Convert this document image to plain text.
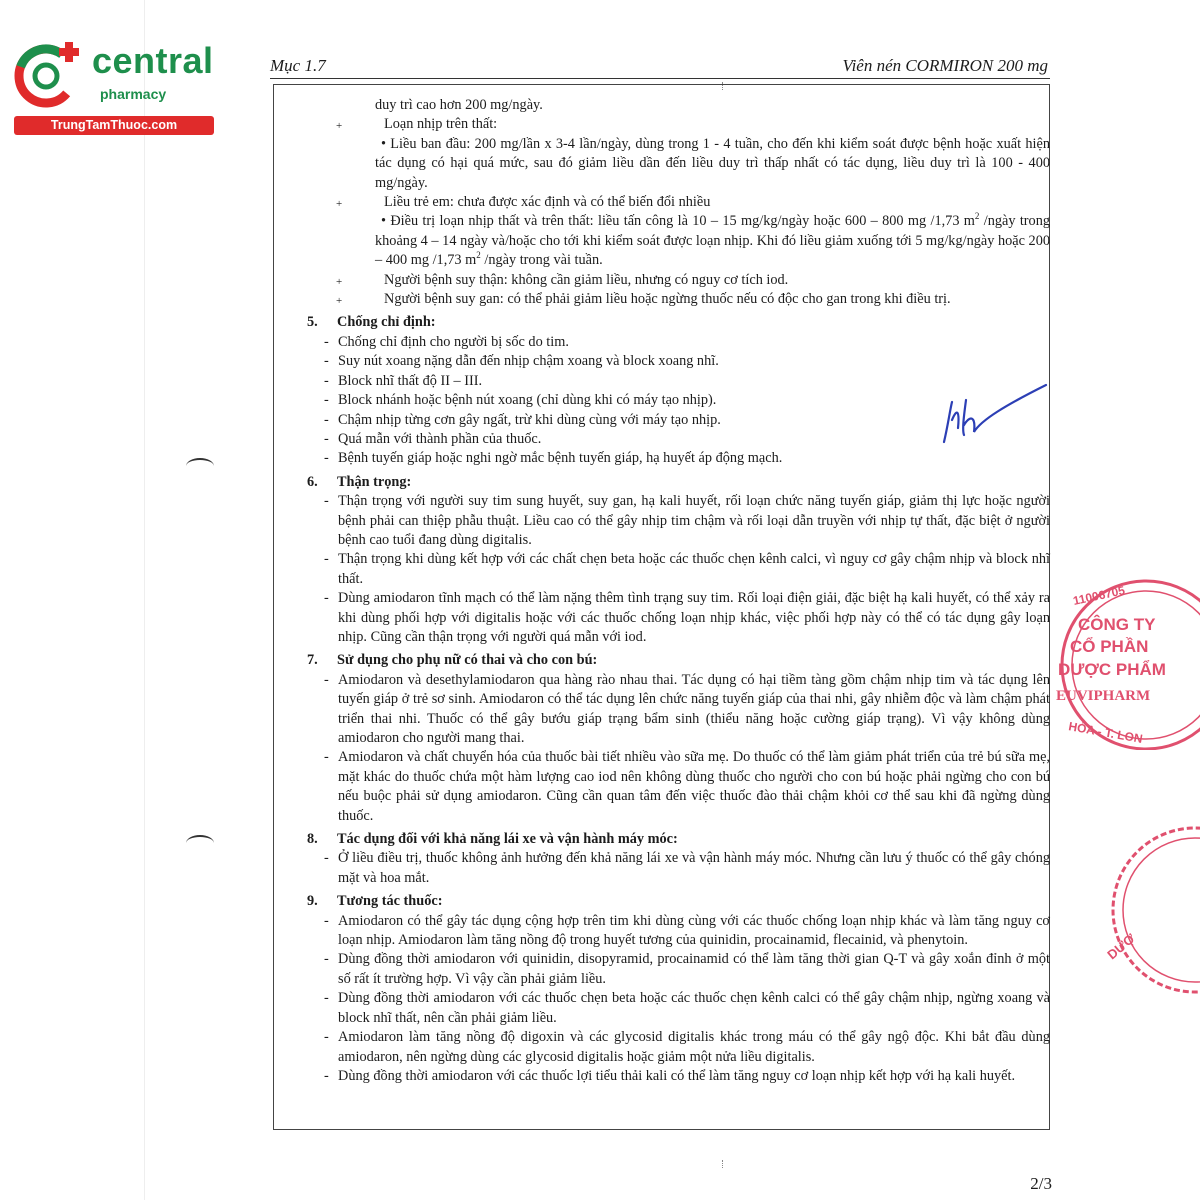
central
pharmacy
TrungTamThuoc.com
Mục 1.7	Viên nén CORMIRON 200 mg

duy trì cao hơn 200 mg/ngày.

+ Loạn nhịp trên thất:

• Liều ban đầu: 200 mg/lần x 3-4 lần/ngày, dùng trong 1 - 4 tuần, cho đến khi kiểm soát được bệnh hoặc xuất hiện tác dụng có hại quá mức, sau đó giảm liều dần đến liều duy trì thấp nhất có tác dụng, liều duy trì là 100 - 400 mg/ngày.

+ Liều trẻ em: chưa được xác định và có thể biến đổi nhiều

• Điều trị loạn nhịp thất và trên thất: liều tấn công là 10 – 15 mg/kg/ngày hoặc 600 – 800 mg /1,73 $m^2$ /ngày trong khoảng 4 – 14 ngày và/hoặc cho tới khi kiểm soát được loạn nhịp. Khi đó liều giảm xuống tới 5 mg/kg/ngày hoặc 200 – 400 mg /1,73 $m^2$ /ngày trong vài tuần.

+ Người bệnh suy thận: không cần giảm liều, nhưng có nguy cơ tích iod.

+ Người bệnh suy gan: có thể phải giảm liều hoặc ngừng thuốc nếu có độc cho gan trong khi điều trị.

5. Chống chỉ định:

- Chống chỉ định cho người bị sốc do tim.

- Suy nút xoang nặng dẫn đến nhịp chậm xoang và block xoang nhĩ.

- Block nhĩ thất độ II – III.

- Block nhánh hoặc bệnh nút xoang (chỉ dùng khi có máy tạo nhịp).

- Chậm nhịp từng cơn gây ngất, trừ khi dùng cùng với máy tạo nhịp.

- Quá mẫn với thành phần của thuốc.

- Bệnh tuyến giáp hoặc nghi ngờ mắc bệnh tuyến giáp, hạ huyết áp động mạch.

6. Thận trọng:

- Thận trọng với người suy tim sung huyết, suy gan, hạ kali huyết, rối loạn chức năng tuyến giáp, giảm thị lực hoặc người bệnh phải can thiệp phẫu thuật. Liều cao có thể gây nhịp tim chậm và rối loại dẫn truyền với nhịp tự thất, đặc biệt ở người bệnh cao tuổi đang dùng digitalis.

- Thận trọng khi dùng kết hợp với các chất chẹn beta hoặc các thuốc chẹn kênh calci, vì nguy cơ gây chậm nhịp và block nhĩ thất.

- Dùng amiodaron tĩnh mạch có thể làm nặng thêm tình trạng suy tim. Rối loại điện giải, đặc biệt hạ kali huyết, có thể xảy ra khi dùng phối hợp với digitalis hoặc với các thuốc chống loạn nhịp khác, việc phối hợp này có thể có tác dụng gây loạn nhịp. Cũng cần thận trọng với người quá mẫn với iod.

7. Sử dụng cho phụ nữ có thai và cho con bú:

- Amiodaron và desethylamiodaron qua hàng rào nhau thai. Tác dụng có hại tiềm tàng gồm chậm nhịp tim và tác dụng lên tuyến giáp ở trẻ sơ sinh. Amiodaron có thể tác dụng lên chức năng tuyến giáp của thai nhi, gây nhiễm độc và làm chậm phát triển thai nhi. Thuốc có thể gây bướu giáp trạng bẩm sinh (thiểu năng hoặc cường giáp trạng). Vì vậy không dùng amiodaron cho người mang thai.

- Amiodaron và chất chuyển hóa của thuốc bài tiết nhiều vào sữa mẹ. Do thuốc có thể làm giảm phát triển của trẻ bú sữa mẹ, mặt khác do thuốc chứa một hàm lượng cao iod nên không dùng thuốc cho người cho con bú hoặc phải ngừng cho con bú nếu buộc phải sử dụng amiodaron. Cũng cần quan tâm đến việc thuốc đào thải chậm khỏi cơ thể sau khi đã ngừng dùng thuốc.

8. Tác dụng đối với khả năng lái xe và vận hành máy móc:

- Ở liều điều trị, thuốc không ảnh hưởng đến khả năng lái xe và vận hành máy móc. Nhưng cần lưu ý thuốc có thể gây chóng mặt và hoa mắt.

9. Tương tác thuốc:

- Amiodaron có thể gây tác dụng cộng hợp trên tim khi dùng cùng với các thuốc chống loạn nhịp khác và làm tăng nguy cơ loạn nhịp. Amiodaron làm tăng nồng độ trong huyết tương của quinidin, procainamid, flecainid, và phenytoin.

- Dùng đồng thời amiodaron với quinidin, disopyramid, procainamid có thể làm tăng thời gian Q-T và gây xoắn đỉnh ở một số rất ít trường hợp. Vì vậy cần phải giảm liều.

- Dùng đồng thời amiodaron với các thuốc chẹn beta hoặc các thuốc chẹn kênh calci có thể gây chậm nhịp, ngừng xoang và block nhĩ thất, nên cần phải giảm liều.

- Amiodaron làm tăng nồng độ digoxin và các glycosid digitalis khác trong máu có thể gây ngộ độc. Khi bắt đầu dùng amiodaron, nên ngừng dùng các glycosid digitalis hoặc giảm một nửa liều digitalis.

- Dùng đồng thời amiodaron với các thuốc lợi tiểu thải kali có thể làm tăng nguy cơ loạn nhịp kết hợp với hạ kali huyết.

11006705
CÔNG TY
CỔ PHẦN
DƯỢC PHẨM
EUVIPHARM
HÓA - T. LON
DƯỢ
2/3
